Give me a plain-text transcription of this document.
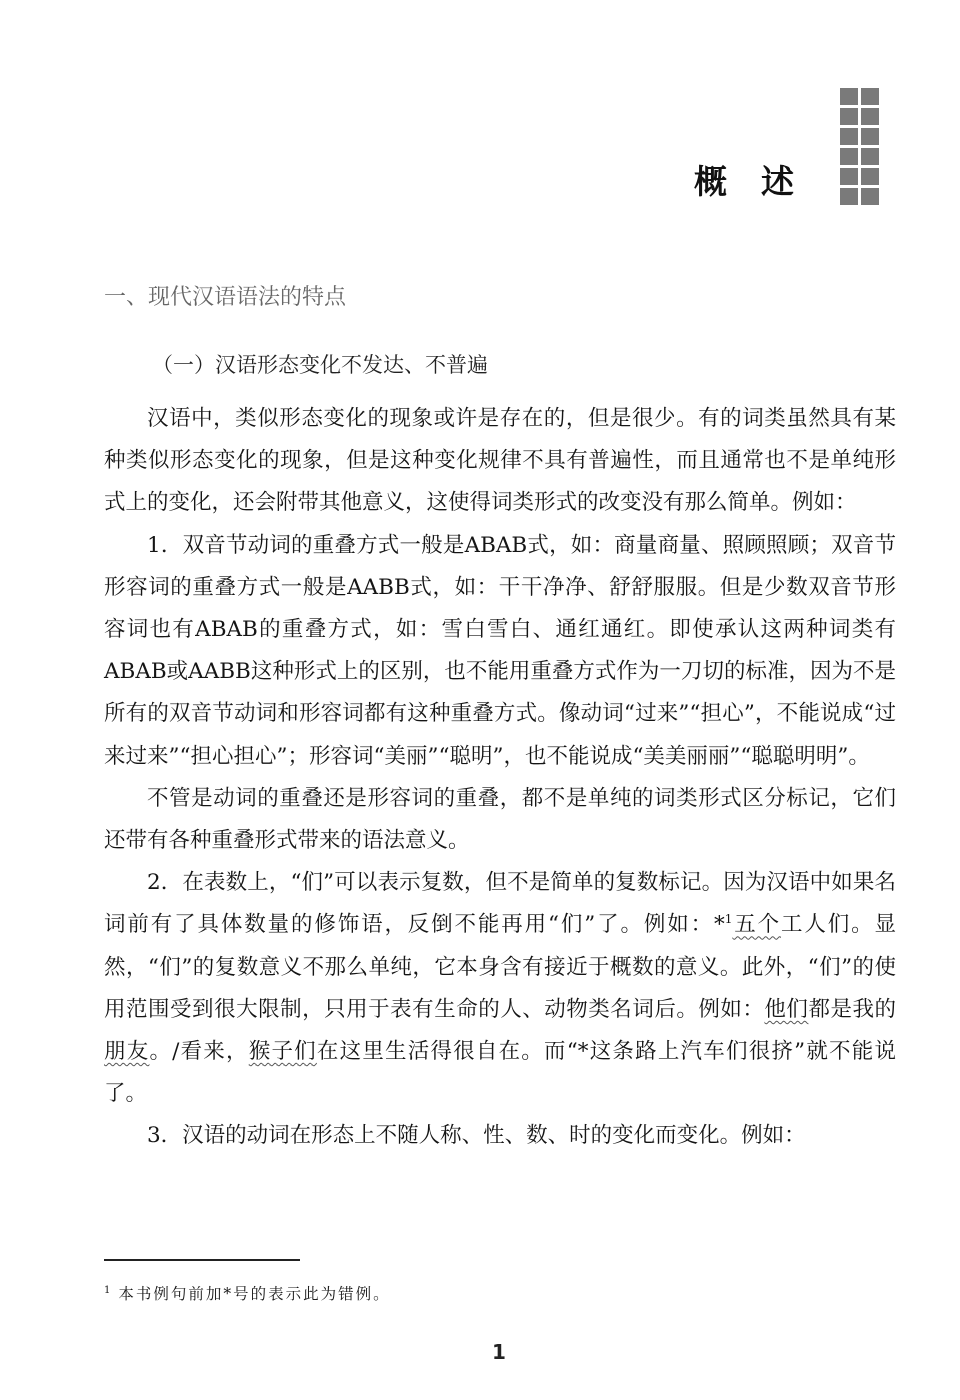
概 述
一、现代汉语语法的特点
（一）汉语形态变化不发达、不普遍

汉语中，类似形态变化的现象或许是存在的，但是很少。有的词类虽然具有某种类似形态变化的现象，但是这种变化规律不具有普遍性，而且通常也不是单纯形式上的变化，还会附带其他意义，这使得词类形式的改变没有那么简单。例如：

1．双音节动词的重叠方式一般是ABAB式，如：商量商量、照顾照顾；双音节形容词的重叠方式一般是AABB式，如：干干净净、舒舒服服。但是少数双音节形容词也有ABAB的重叠方式，如：雪白雪白、通红通红。即使承认这两种词类有ABAB或AABB这种形式上的区别，也不能用重叠方式作为一刀切的标准，因为不是所有的双音节动词和形容词都有这种重叠方式。像动词“过来”“担心”，不能说成“过来过来”“担心担心”；形容词“美丽”“聪明”，也不能说成“美美丽丽”“聪聪明明”。

不管是动词的重叠还是形容词的重叠，都不是单纯的词类形式区分标记，它们还带有各种重叠形式带来的语法意义。

2．在表数上，“们”可以表示复数，但不是简单的复数标记。因为汉语中如果名词前有了具体数量的修饰语，反倒不能再用“们”了。例如：*$^1$五个工人们。显然，“们”的复数意义不那么单纯，它本身含有接近于概数的意义。此外，“们”的使用范围受到很大限制，只用于表有生命的人、动物类名词后。例如：他们都是我的朋友。/看来，猴子们在这里生活得很自在。而“*这条路上汽车们很挤”就不能说了。

3．汉语的动词在形态上不随人称、性、数、时的变化而变化。例如：

$^1$ 本书例句前加*号的表示此为错例。
1
